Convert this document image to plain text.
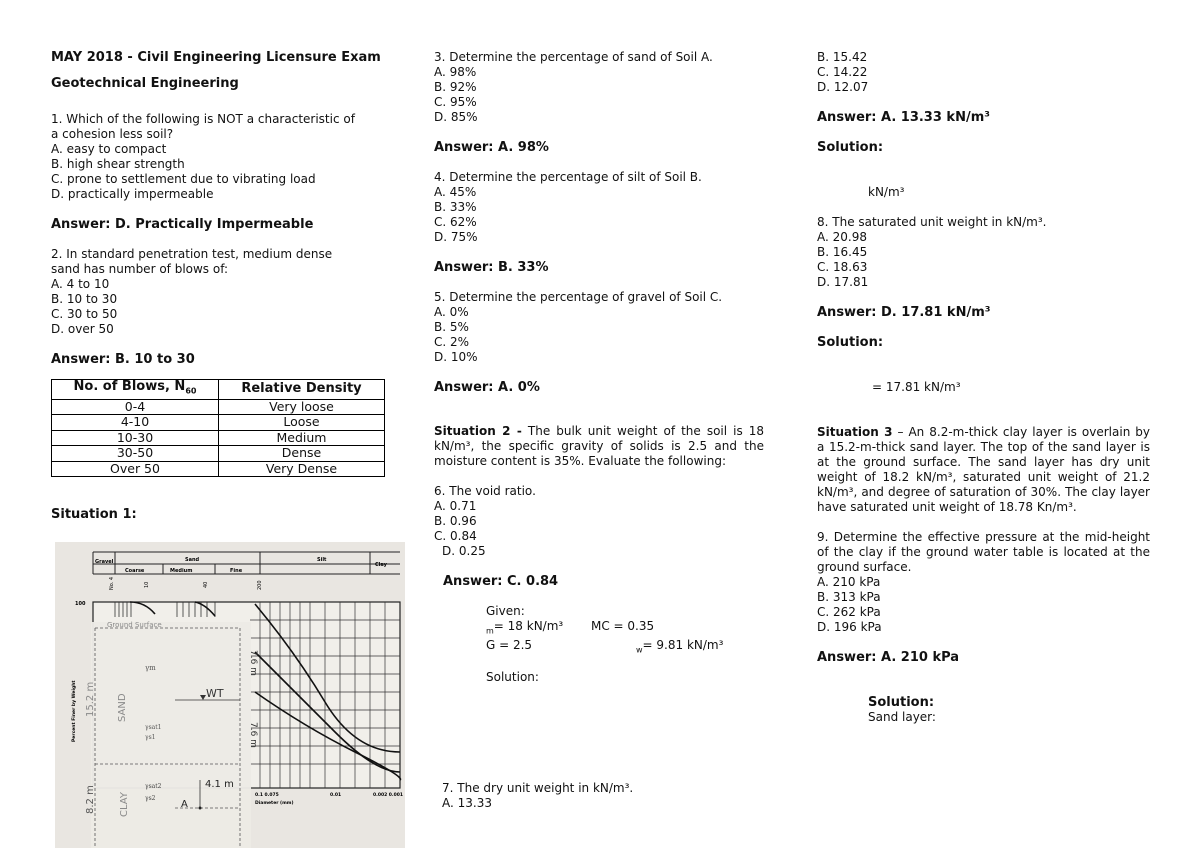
MAY 2018 - Civil Engineering Licensure Exam

Geotechnical Engineering

1. Which of the following is NOT a characteristic of

a cohesion less soil?

A. easy to compact

B. high shear strength

C. prone to settlement due to vibrating load

D. practically impermeable

Answer: D. Practically Impermeable

2. In standard penetration test, medium dense

sand has number of blows of:

A. 4 to 10

B. 10 to 30

C. 30 to 50

D. over 50

Answer: B. 10 to 30

No. of Blows, $N_{60}$	Relative Density
0-4	Very loose
4-10	Loose
10-30	Medium
30-50	Dense
Over 50	Very Dense

Situation 1:

Gravel
Coarse	Medium
Sand
Fine
Silt
Clay
No. 4	10	40	200
100
Percent Finer by Weight
0.1 0.075	0.01	0.002 0.001
Diameter (mm)
Ground Surface
γm
WT
γsat1
γs1
SAND
15.2 m
7.6 m
7.6 m
CLAY
8.2 m	γsat2
γs2
4.1 m
A

3. Determine the percentage of sand of Soil A.

A. 98%

B. 92%

C. 95%

D. 85%

Answer: A. 98%

4. Determine the percentage of silt of Soil B.

A. 45%

B. 33%

C. 62%

D. 75%

Answer: B. 33%

5. Determine the percentage of gravel of Soil C.

A. 0%

B. 5%

C. 2%

D. 10%

Answer: A. 0%

Situation 2 - The bulk unit weight of the soil is 18 kN/m³, the specific gravity of solids is 2.5 and the moisture content is 35%. Evaluate the following:

6. The void ratio.

A. 0.71

B. 0.96

C. 0.84

D. 0.25

Answer: C. 0.84

Given:

$_m$= 18 kN/m³	MC = 0.35
G = 2.5	$_w$= 9.81 kN/m³

Solution:

7. The dry unit weight in kN/m³.

A. 13.33

B. 15.42

C. 14.22

D. 12.07

Answer: A. 13.33 kN/m³

Solution:

kN/m³

8. The saturated unit weight in kN/m³.

A. 20.98

B. 16.45

C. 18.63

D. 17.81

Answer: D. 17.81 kN/m³

Solution:

= 17.81 kN/m³

Situation 3 – An 8.2-m-thick clay layer is overlain by a 15.2-m-thick sand layer. The top of the sand layer is at the ground surface. The sand layer has dry unit weight of 18.2 kN/m³, saturated unit weight of 21.2 kN/m³, and degree of saturation of 30%. The clay layer have saturated unit weight of 18.78 Kn/m³.

9. Determine the effective pressure at the mid-height of the clay if the ground water table is located at the ground surface.

A. 210 kPa

B. 313 kPa

C. 262 kPa

D. 196 kPa

Answer: A. 210 kPa

Solution:

Sand layer:
